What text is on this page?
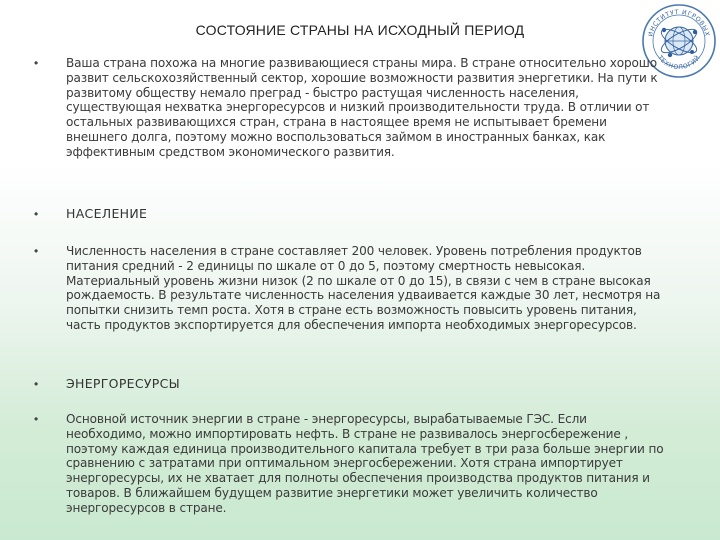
СОСТОЯНИЕ СТРАНЫ НА ИСХОДНЫЙ ПЕРИОД	ИНСТИТУТ ИГРОВЫХ
ТЕХНОЛОГИЙ
• Ваша страна похожа на многие развивающиеся страны мира. В стране относительно хорошо развит сельскохозяйственный сектор, хорошие возможности развития энергетики. На пути к развитому обществу немало преград - быстро растущая численность населения, существующая нехватка энергоресурсов и низкий производительности труда. В отличии от остальных развивающихся стран, страна в настоящее время не испытывает бремени внешнего долга, поэтому можно воспользоваться займом в иностранных банках, как эффективным средством экономического развития.
• НАСЕЛЕНИЕ
• Численность населения в стране составляет 200 человек. Уровень потребления продуктов питания средний - 2 единицы по шкале от 0 до 5, поэтому смертность невысокая. Материальный уровень жизни низок (2 по шкале от 0 до 15), в связи с чем в стране высокая рождаемость. В результате численность населения удваивается каждые 30 лет, несмотря на попытки снизить темп роста. Хотя в стране есть возможность повысить уровень питания, часть продуктов экспортируется для обеспечения импорта необходимых энергоресурсов.
• ЭНЕРГОРЕСУРСЫ
• Основной источник энергии в стране - энергоресурсы, вырабатываемые ГЭС. Если необходимо, можно импортировать нефть. В стране не развивалось энергосбережение , поэтому каждая единица производительного капитала требует в три раза больше энергии по сравнению с затратами при оптимальном энергосбережении. Хотя страна импортирует энергоресурсы, их не хватает для полноты обеспечения производства продуктов питания и товаров. В ближайшем будущем развитие энергетики может увеличить количество энергоресурсов в стране.
